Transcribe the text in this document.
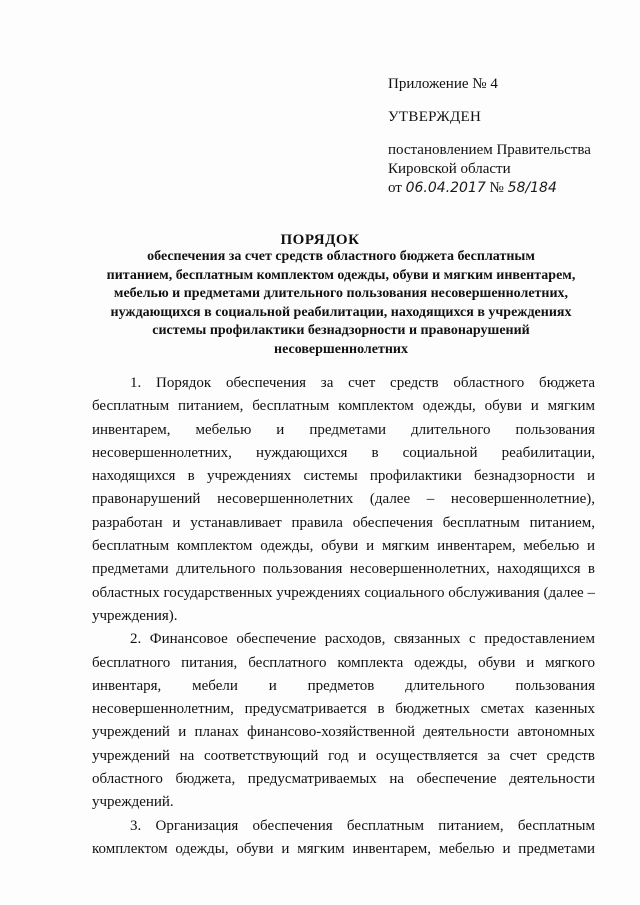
Приложение № 4
УТВЕРЖДЕН
постановлением Правительства
Кировской области
от 06.04.2017 № 58/184
ПОРЯДОК
обеспечения за счет средств областного бюджета бесплатным
питанием, бесплатным комплектом одежды, обуви и мягким инвентарем,
мебелью и предметами длительного пользования несовершеннолетних,
нуждающихся в социальной реабилитации, находящихся в учреждениях
системы профилактики безнадзорности и правонарушений
несовершеннолетних
1. Порядок обеспечения за счет средств областного бюджета
бесплатным питанием, бесплатным комплектом одежды, обуви и мягким
инвентарем, мебелью и предметами длительного пользования
несовершеннолетних, нуждающихся в социальной реабилитации,
находящихся в учреждениях системы профилактики безнадзорности и
правонарушений несовершеннолетних (далее – несовершеннолетние),
разработан и устанавливает правила обеспечения бесплатным питанием,
бесплатным комплектом одежды, обуви и мягким инвентарем, мебелью и
предметами длительного пользования несовершеннолетних, находящихся в
областных государственных учреждениях социального обслуживания (далее –
учреждения).
2. Финансовое обеспечение расходов, связанных с предоставлением
бесплатного питания, бесплатного комплекта одежды, обуви и мягкого
инвентаря, мебели и предметов длительного пользования
несовершеннолетним, предусматривается в бюджетных сметах казенных
учреждений и планах финансово-хозяйственной деятельности автономных
учреждений на соответствующий год и осуществляется за счет средств
областного бюджета, предусматриваемых на обеспечение деятельности
учреждений.
3. Организация обеспечения бесплатным питанием, бесплатным
комплектом одежды, обуви и мягким инвентарем, мебелью и предметами
